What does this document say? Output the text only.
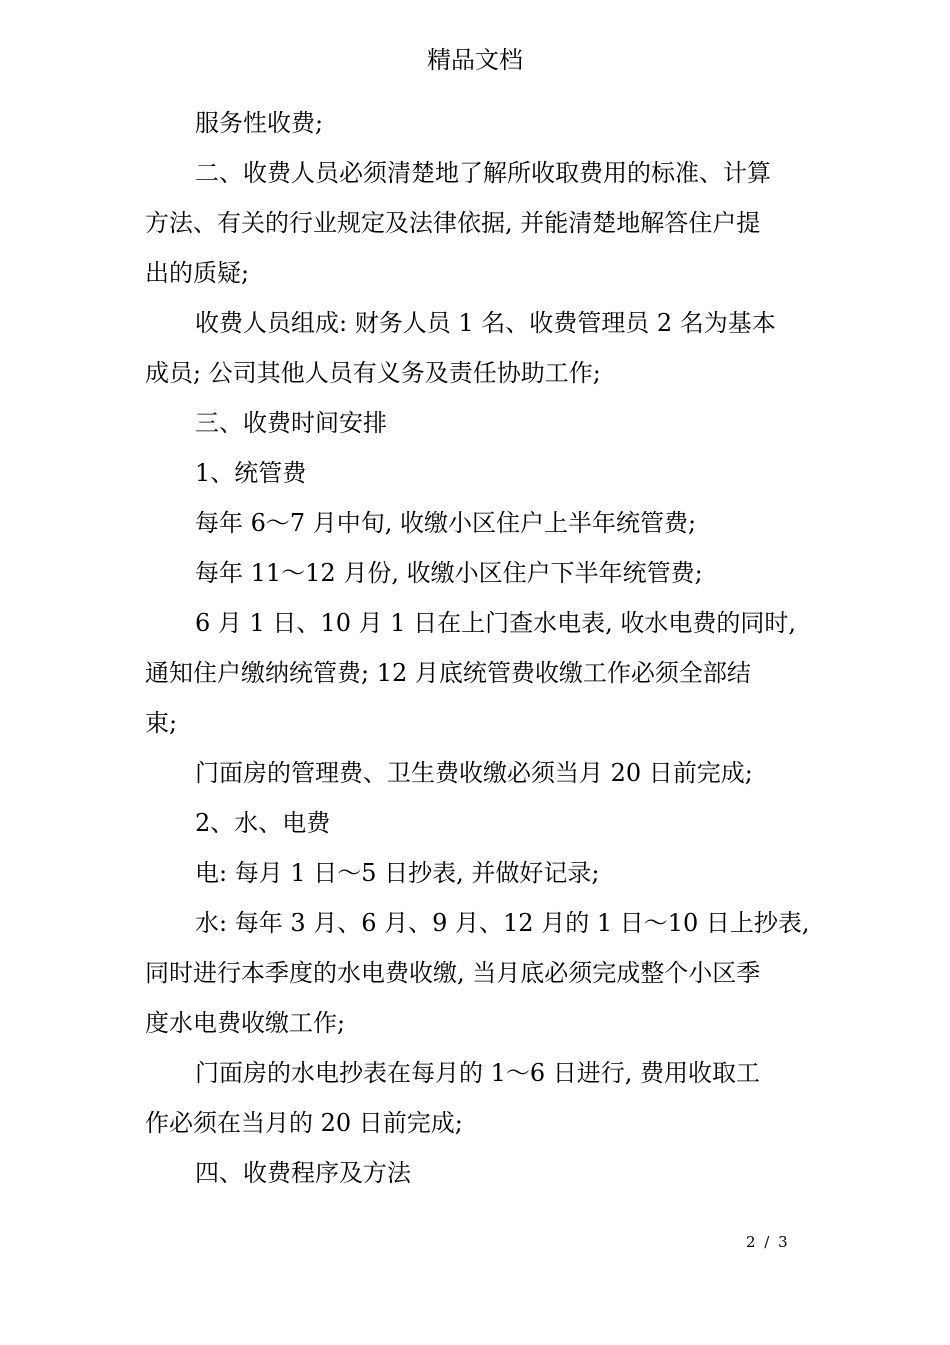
精品文档
服务性收费;
二、收费人员必须清楚地了解所收取费用的标准、计算
方法、有关的行业规定及法律依据, 并能清楚地解答住户提
出的质疑;
收费人员组成: 财务人员 1 名、收费管理员 2 名为基本
成员; 公司其他人员有义务及责任协助工作;
三、收费时间安排
1、统管费
每年 6～7 月中旬, 收缴小区住户上半年统管费;
每年 11～12 月份, 收缴小区住户下半年统管费;
6 月 1 日、10 月 1 日在上门查水电表, 收水电费的同时,
通知住户缴纳统管费; 12 月底统管费收缴工作必须全部结
束;
门面房的管理费、卫生费收缴必须当月 20 日前完成;
2、水、电费
电: 每月 1 日～5 日抄表, 并做好记录;
水: 每年 3 月、6 月、9 月、12 月的 1 日～10 日上抄表,
同时进行本季度的水电费收缴, 当月底必须完成整个小区季
度水电费收缴工作;
门面房的水电抄表在每月的 1～6 日进行, 费用收取工
作必须在当月的 20 日前完成;
四、收费程序及方法
2 / 3
